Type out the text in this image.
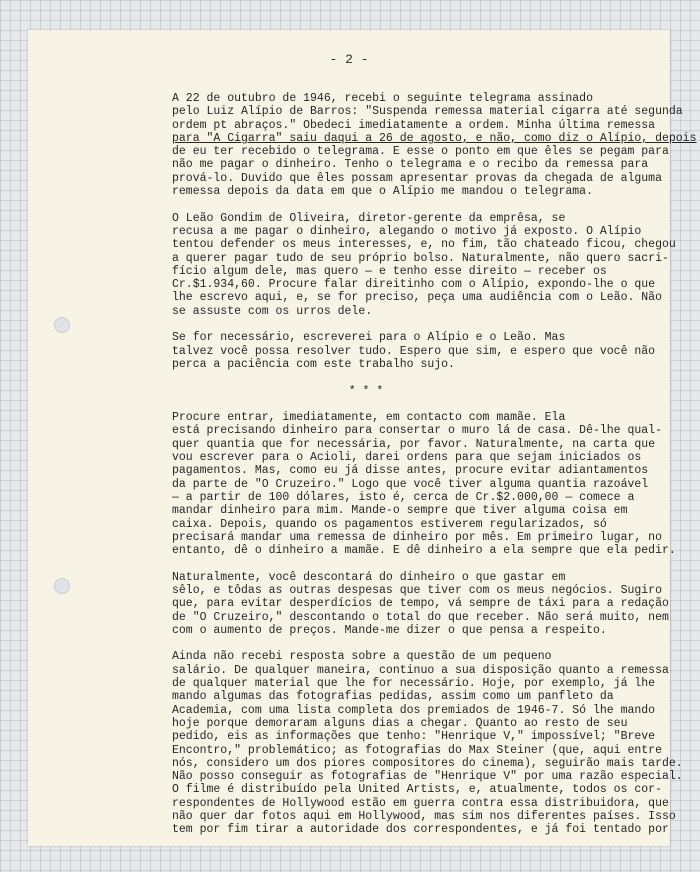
- 2 -

A 22 de outubro de 1946, recebi o seguinte telegrama assinado
pelo Luiz Alípio de Barros: "Suspenda remessa material cigarra até segunda
ordem pt abraços." Obedeci imediatamente a ordem. Minha última remessa
para "A Cigarra" saiu daqui a 26 de agosto, e não, como diz o Alípio, depois
de eu ter recebido o telegrama. E esse o ponto em que êles se pegam para
não me pagar o dinheiro. Tenho o telegrama e o recibo da remessa para
prová-lo. Duvido que êles possam apresentar provas da chegada de alguma
remessa depois da data em que o Alípio me mandou o telegrama.

O Leão Gondim de Oliveira, diretor-gerente da emprêsa, se
recusa a me pagar o dinheiro, alegando o motivo já exposto. O Alípio
tentou defender os meus interesses, e, no fim, tão chateado ficou, chegou
a querer pagar tudo de seu próprio bolso. Naturalmente, não quero sacri-
fício algum dele, mas quero — e tenho esse direito — receber os
Cr.$1.934,60. Procure falar direitinho com o Alípio, expondo-lhe o que
lhe escrevo aqui, e, se for preciso, peça uma audiência com o Leão. Não
se assuste com os urros dele.

Se for necessário, escreverei para o Alípio e o Leão. Mas
talvez você possa resolver tudo. Espero que sim, e espero que você não
perca a paciência com este trabalho sujo.

* * *

Procure entrar, imediatamente, em contacto com mamãe. Ela
está precisando dinheiro para consertar o muro lá de casa. Dê-lhe qual-
quer quantia que for necessária, por favor. Naturalmente, na carta que
vou escrever para o Acioli, darei ordens para que sejam iniciados os
pagamentos. Mas, como eu já disse antes, procure evitar adiantamentos
da parte de "O Cruzeiro." Logo que você tiver alguma quantia razoável
— a partir de 100 dólares, isto é, cerca de Cr.$2.000,00 — comece a
mandar dinheiro para mim. Mande-o sempre que tiver alguma coisa em
caixa. Depois, quando os pagamentos estiverem regularizados, só
precisará mandar uma remessa de dinheiro por mês. Em primeiro lugar, no
entanto, dê o dinheiro a mamãe. E dê dinheiro a ela sempre que ela pedir.

Naturalmente, você descontará do dinheiro o que gastar em
sêlo, e tôdas as outras despesas que tiver com os meus negócios. Sugiro
que, para evitar desperdícios de tempo, vá sempre de táxi para a redação
de "O Cruzeiro," descontando o total do que receber. Não será muito, nem
com o aumento de preços. Mande-me dizer o que pensa a respeito.

Ainda não recebi resposta sobre a questão de um pequeno
salário. De qualquer maneira, continuo a sua disposição quanto a remessa
de qualquer material que lhe for necessário. Hoje, por exemplo, já lhe
mando algumas das fotografias pedidas, assim como um panfleto da
Academia, com uma lista completa dos premiados de 1946-7. Só lhe mando
hoje porque demoraram alguns dias a chegar. Quanto ao resto de seu
pedido, eis as informações que tenho: "Henrique V," impossível; "Breve
Encontro," problemático; as fotografias do Max Steiner (que, aqui entre
nós, considero um dos piores compositores do cinema), seguirão mais tarde.
Não posso conseguir as fotografias de "Henrique V" por uma razão especial.
O filme é distribuído pela United Artists, e, atualmente, todos os cor-
respondentes de Hollywood estão em guerra contra essa distribuidora, que
não quer dar fotos aqui em Hollywood, mas sim nos diferentes países. Isso
tem por fim tirar a autoridade dos correspondentes, e já foi tentado por
